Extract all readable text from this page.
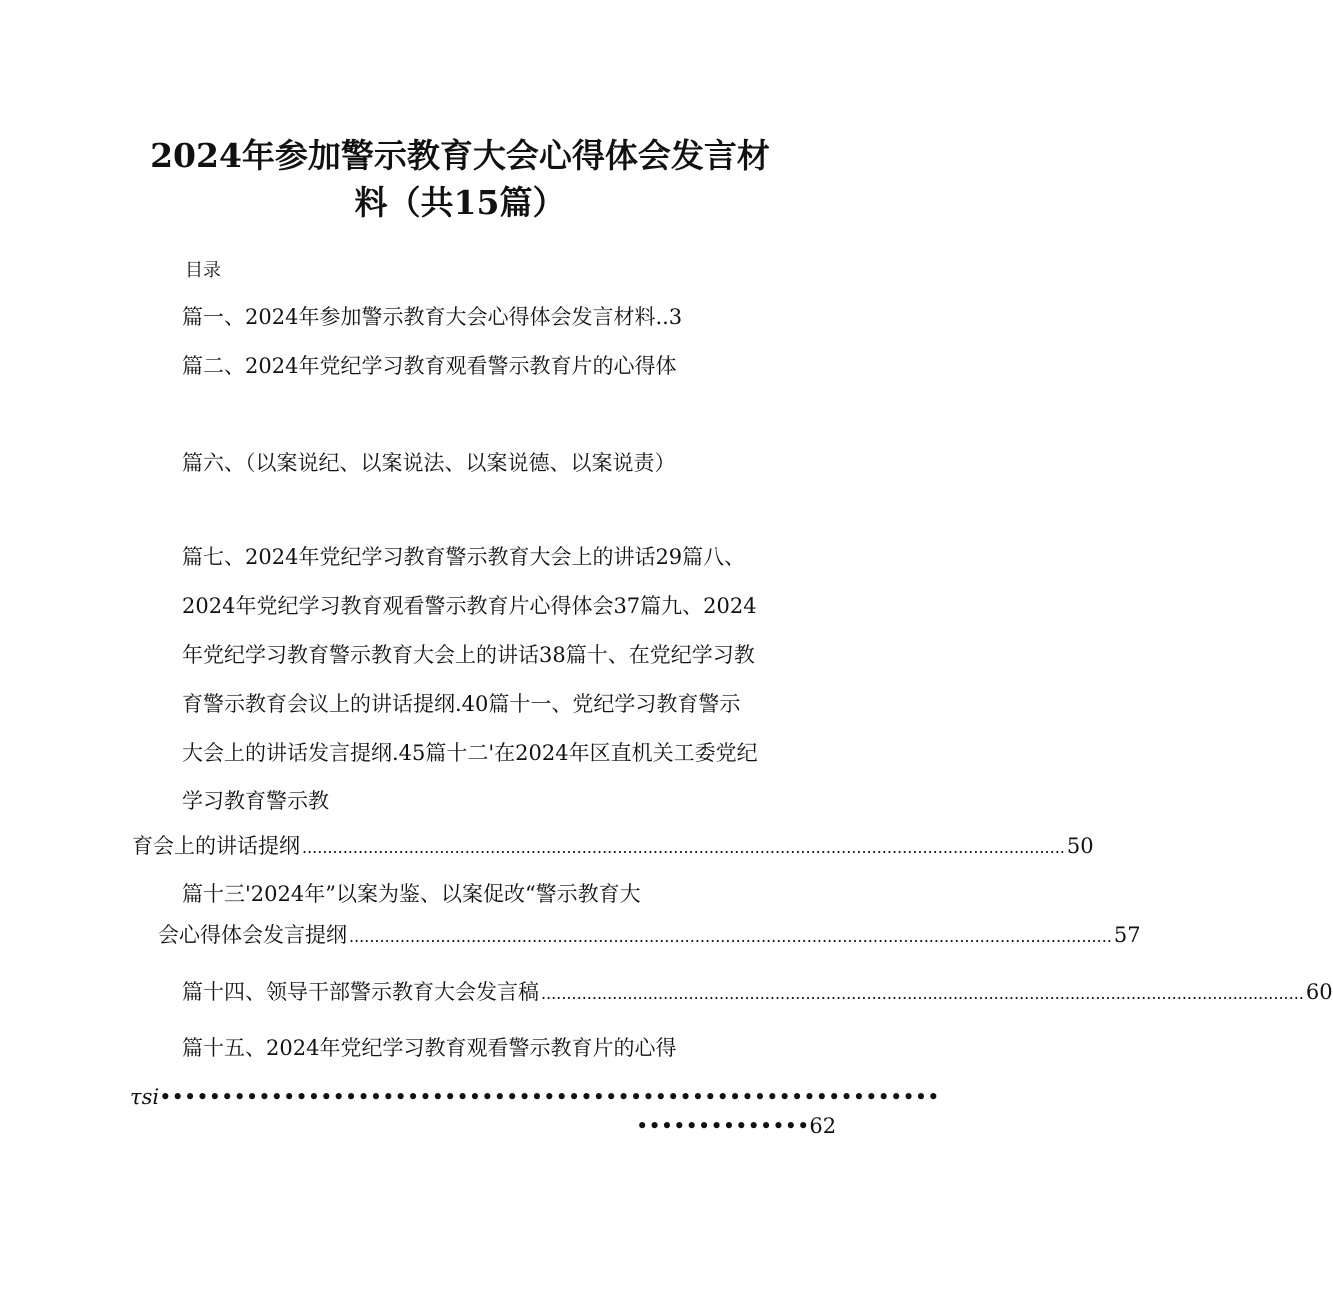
2024年参加警示教育大会心得体会发言材
料（共15篇）
目录
篇一、2024年参加警示教育大会心得体会发言材料..3
篇二、2024年党纪学习教育观看警示教育片的心得体
篇六、（以案说纪、以案说法、以案说德、以案说责）
篇七、2024年党纪学习教育警示教育大会上的讲话29篇八、
2024年党纪学习教育观看警示教育片心得体会37篇九、2024
年党纪学习教育警示教育大会上的讲话38篇十、在党纪学习教
育警示教育会议上的讲话提纲.40篇十一、党纪学习教育警示
大会上的讲话发言提纲.45篇十二'在2024年区直机关工委党纪
学习教育警示教
育会上的讲话提纲 ...................................................................................................................................................... 50
篇十三'2024年”以案为鉴、以案促改“警示教育大
会心得体会发言提纲 ...................................................................................................................................................... 57
篇十四、领导干部警示教育大会发言稿 ...................................................................................................................................................... 60
篇十五、2024年党纪学习教育观看警示教育片的心得
τsi•••••••••••••••••••••••••••••••••••••••••••••••••••••••••••••••
••••••••••••••62
